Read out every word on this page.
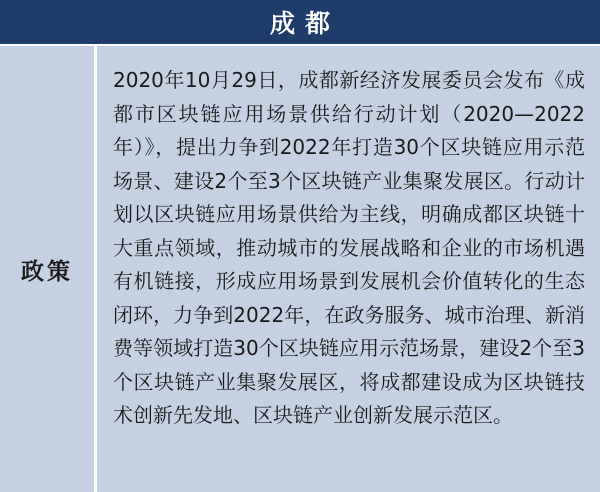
成都
政策

2020年10月29日，成都新经济发展委员会发布《成都市区块链应用场景供给行动计划（2020—2022年）》，提出力争到2022年打造30个区块链应用示范场景、建设2个至3个区块链产业集聚发展区。行动计划以区块链应用场景供给为主线，明确成都区块链十大重点领域，推动城市的发展战略和企业的市场机遇有机链接，形成应用场景到发展机会价值转化的生态闭环，力争到2022年，在政务服务、城市治理、新消费等领域打造30个区块链应用示范场景，建设2个至3个区块链产业集聚发展区，将成都建设成为区块链技术创新先发地、区块链产业创新发展示范区。
